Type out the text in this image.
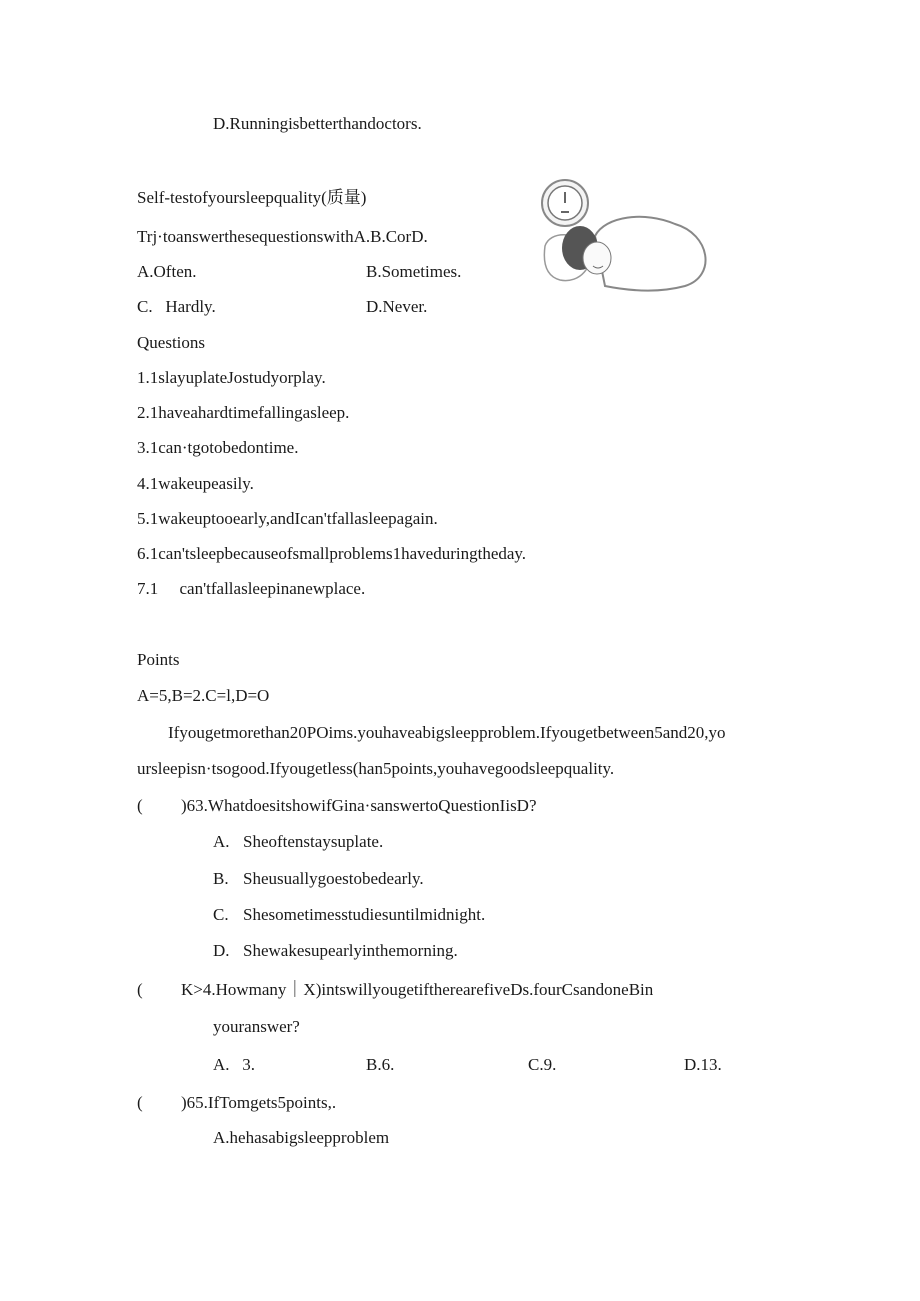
D.Runningisbetterthandoctors.
Self-testofyoursleepquality(质量)
Trj·toanswerthesequestionswithA.B.CorD.
A.Often.	B.Sometimes.
C.   Hardly.	D.Never.
Questions
1.1slayuplateJostudyorplay.
2.1haveahardtimefallingasleep.
3.1can·tgotobedontime.
4.1wakeupeasily.
5.1wakeuptooearly,andIcan'tfallasleepagain.
6.1can'tsleepbecauseofsmallproblems1haveduringtheday.
7.1     can'tfallasleepinanewplace.
Points
A=5,B=2.C=l,D=O
Ifyougetmorethan20POims.youhaveabigsleepproblem.Ifyougetbetween5and20,yo
ursleepisn·tsogood.Ifyougetless(han5points,youhavegoodsleepquality.
( )63.WhatdoesitshowifGina·sanswertoQuestionIisD?
A. Sheoftenstaysuplate.
B. Sheusuallygoestobedearly.
C. Shesometimesstudiesuntilmidnight.
D. Shewakesupearlyinthemorning.
( K>4.Howmany｜X)intswillyougetiftherearefiveDs.fourCsandoneBin
youranswer?
A.   3.	B.6.	C.9.	D.13.
( )65.IfTomgets5points,.
A.hehasabigsleepproblem
